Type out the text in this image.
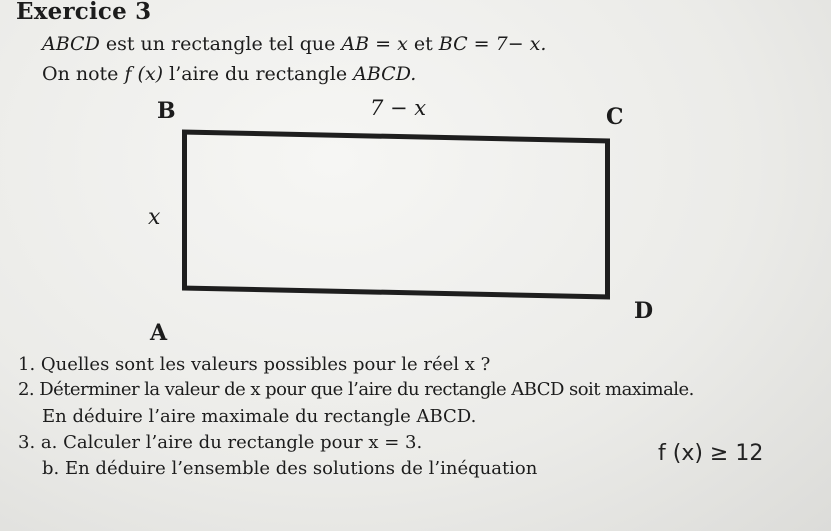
Exercice 3
ABCD est un rectangle tel que AB = x et BC = 7− x.
On note f (x) l’aire du rectangle ABCD.
B	7 − x	C
x
D
A
1. Quelles sont les valeurs possibles pour le réel x ?
2. Déterminer la valeur de x pour que l’aire du rectangle ABCD soit maximale.
En déduire l’aire maximale du rectangle ABCD.
3. a. Calculer l’aire du rectangle pour x = 3.
b. En déduire l’ensemble des solutions de l’inéquation
f (x) ≥ 12
